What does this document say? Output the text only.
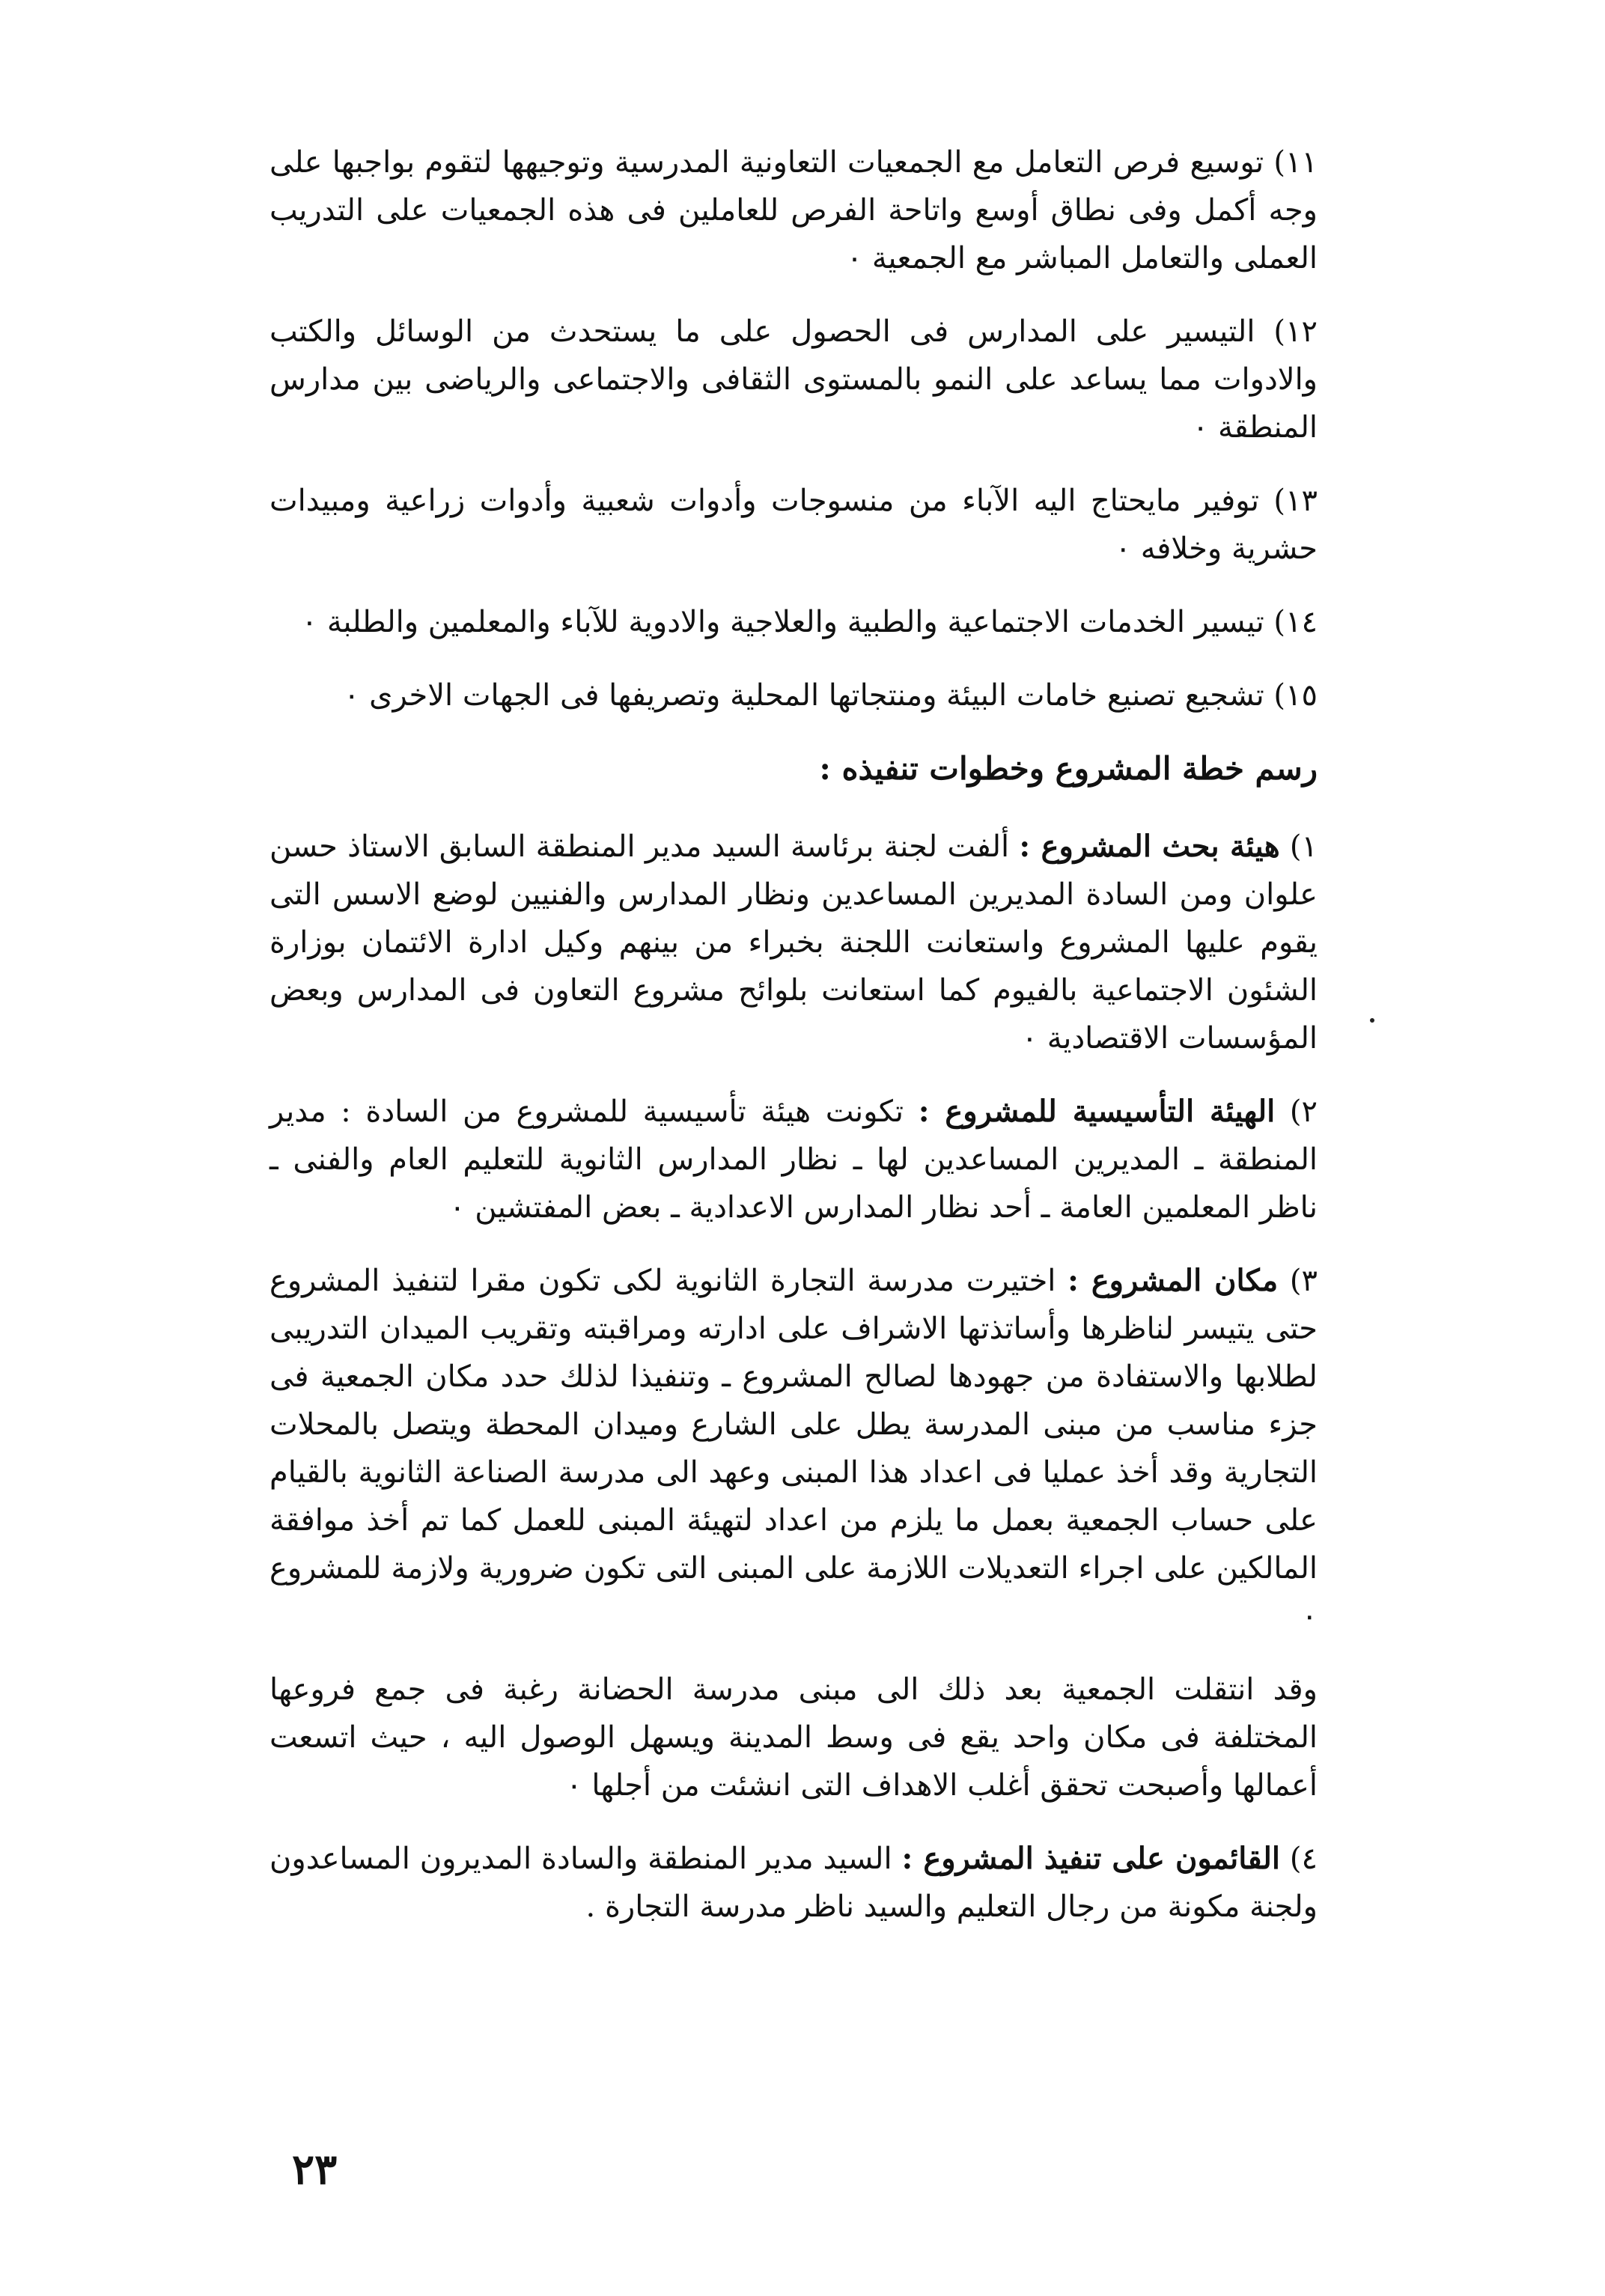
١١) توسيع فرص التعامل مع الجمعيات التعاونية المدرسية وتوجيهها لتقوم بواجبها على وجه أكمل وفى نطاق أوسع واتاحة الفرص للعاملين فى هذه الجمعيات على التدريب العملى والتعامل المباشر مع الجمعية ٠

١٢) التيسير على المدارس فى الحصول على ما يستحدث من الوسائل والكتب والادوات مما يساعد على النمو بالمستوى الثقافى والاجتماعى والرياضى بين مدارس المنطقة ٠

١٣) توفير مايحتاج اليه الآباء من منسوجات وأدوات شعبية وأدوات زراعية ومبيدات حشرية وخلافه ٠

١٤) تيسير الخدمات الاجتماعية والطبية والعلاجية والادوية للآباء والمعلمين والطلبة ٠

١٥) تشجيع تصنيع خامات البيئة ومنتجاتها المحلية وتصريفها فى الجهات الاخرى ٠

رسم خطة المشروع وخطوات تنفيذه :

١) هيئة بحث المشروع : ألفت لجنة برئاسة السيد مدير المنطقة السابق الاستاذ حسن علوان ومن السادة المديرين المساعدين ونظار المدارس والفنيين لوضع الاسس التى يقوم عليها المشروع واستعانت اللجنة بخبراء من بينهم وكيل ادارة الائتمان بوزارة الشئون الاجتماعية بالفيوم كما استعانت بلوائح مشروع التعاون فى المدارس وبعض المؤسسات الاقتصادية ٠

٢) الهيئة التأسيسية للمشروع : تكونت هيئة تأسيسية للمشروع من السادة : مدير المنطقة ـ المديرين المساعدين لها ـ نظار المدارس الثانوية للتعليم العام والفنى ـ ناظر المعلمين العامة ـ أحد نظار المدارس الاعدادية ـ بعض المفتشين ٠

٣) مكان المشروع : اختيرت مدرسة التجارة الثانوية لكى تكون مقرا لتنفيذ المشروع حتى يتيسر لناظرها وأساتذتها الاشراف على ادارته ومراقبته وتقريب الميدان التدريبى لطلابها والاستفادة من جهودها لصالح المشروع ـ وتنفيذا لذلك حدد مكان الجمعية فى جزء مناسب من مبنى المدرسة يطل على الشارع وميدان المحطة ويتصل بالمحلات التجارية وقد أخذ عمليا فى اعداد هذا المبنى وعهد الى مدرسة الصناعة الثانوية بالقيام على حساب الجمعية بعمل ما يلزم من اعداد لتهيئة المبنى للعمل كما تم أخذ موافقة المالكين على اجراء التعديلات اللازمة على المبنى التى تكون ضرورية ولازمة للمشروع ٠

وقد انتقلت الجمعية بعد ذلك الى مبنى مدرسة الحضانة رغبة فى جمع فروعها المختلفة فى مكان واحد يقع فى وسط المدينة ويسهل الوصول اليه ، حيث اتسعت أعمالها وأصبحت تحقق أغلب الاهداف التى انشئت من أجلها ٠

٤) القائمون على تنفيذ المشروع : السيد مدير المنطقة والسادة المديرون المساعدون ولجنة مكونة من رجال التعليم والسيد ناظر مدرسة التجارة .

٢٣
